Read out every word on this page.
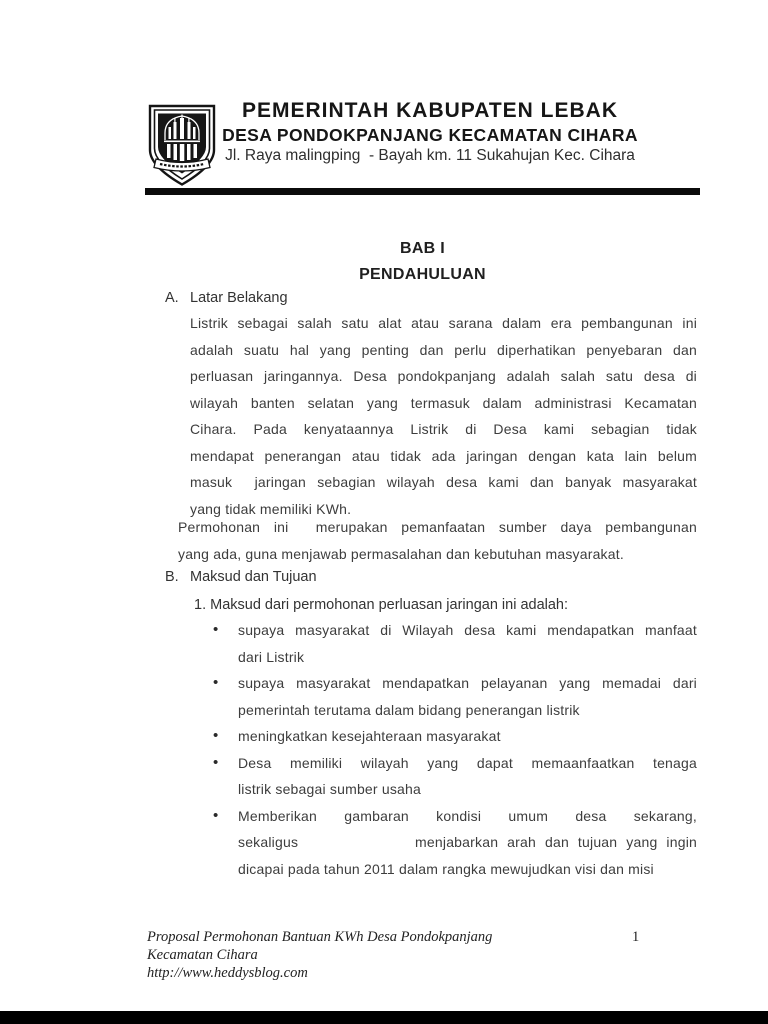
PEMERINTAH KABUPATEN LEBAK
DESA PONDOKPANJANG KECAMATAN CIHARA
Jl. Raya malingping  - Bayah km. 11 Sukahujan Kec. Cihara
BAB I
PENDAHULUAN
A. Latar Belakang
Listrik sebagai salah satu alat atau sarana dalam era pembangunan ini
adalah suatu hal yang penting dan perlu diperhatikan penyebaran dan
perluasan jaringannya. Desa pondokpanjang adalah salah satu desa di
wilayah banten selatan yang termasuk dalam administrasi Kecamatan
Cihara. Pada kenyataannya Listrik di Desa kami sebagian tidak
mendapat penerangan atau tidak ada jaringan dengan kata lain belum
masuk  jaringan sebagian wilayah desa kami dan banyak masyarakat
yang tidak memiliki KWh.
Permohonan ini  merupakan pemanfaatan sumber daya pembangunan
yang ada, guna menjawab permasalahan dan kebutuhan masyarakat.
B. Maksud dan Tujuan
1. Maksud dari permohonan perluasan jaringan ini adalah:
•	supaya masyarakat di Wilayah desa kami mendapatkan manfaat
dari Listrik
•	supaya masyarakat mendapatkan pelayanan yang memadai dari
pemerintah terutama dalam bidang penerangan listrik
•	meningkatkan kesejahteraan masyarakat
•	Desa memiliki wilayah yang dapat memaanfaatkan tenaga
listrik sebagai sumber usaha
•	Memberikan gambaran kondisi umum desa sekarang,
sekaligus             menjabarkan arah dan tujuan yang ingin
dicapai pada tahun 2011 dalam rangka mewujudkan visi dan misi
Proposal Permohonan Bantuan KWh Desa Pondokpanjang
Kecamatan Cihara
http://www.heddysblog.com
1
